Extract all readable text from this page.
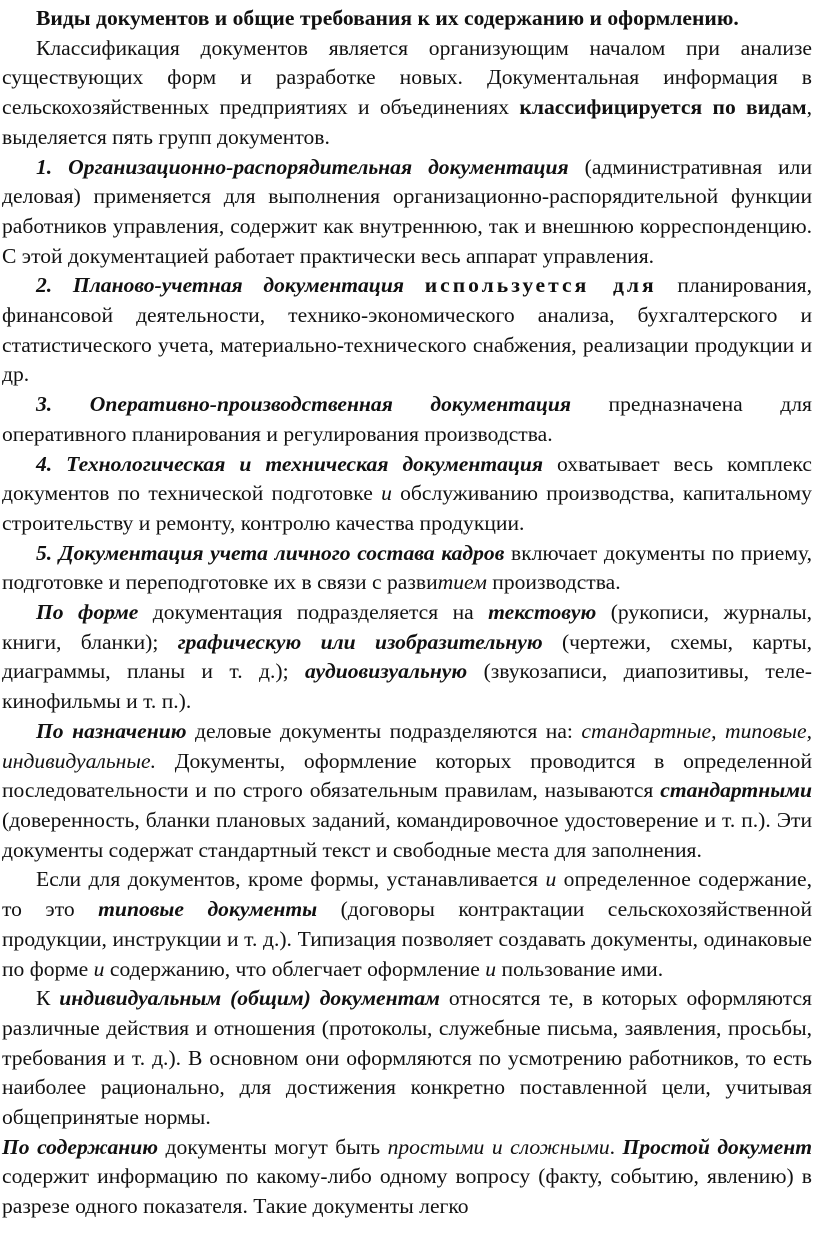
Виды документов и общие требования к их содержанию и оформлению.

Классификация документов является организующим началом при анализе существующих форм и разработке новых. Документальная информация в сельскохозяйственных предприятиях и объединениях классифицируется по видам, выделяется пять групп документов.

1. Организационно-распорядительная документация (административная или деловая) применяется для выполнения организационно-распорядительной функции работников управления, содержит как внутреннюю, так и внешнюю корреспонденцию. С этой документацией работает практически весь аппарат управления.

2. Планово-учетная документация используется для планирования, финансовой деятельности, технико-экономического анализа, бухгалтерского и статистического учета, материально-технического снабжения, реализации продукции и др.

3. Оперативно-производственная документация предназначена для оперативного планирования и регулирования производства.

4. Технологическая и техническая документация охватывает весь комплекс документов по технической подготовке и обслуживанию производства, капитальному строительству и ремонту, контролю качества продукции.

5. Документация учета личного состава кадров включает документы по приему, подготовке и переподготовке их в связи с развитием производства.

По форме документация подразделяется на текстовую (рукописи, журналы, книги, бланки); графическую или изобразительную (чертежи, схемы, карты, диаграммы, планы и т. д.); аудиовизуальную (звукозаписи, диапозитивы, теле-кинофильмы и т. п.).

По назначению деловые документы подразделяются на: стандартные, типовые, индивидуальные. Документы, оформление которых проводится в определенной последовательности и по строго обязательным правилам, называются стандартными (доверенность, бланки плановых заданий, командировочное удостоверение и т. п.). Эти документы содержат стандартный текст и свободные места для заполнения.

Если для документов, кроме формы, устанавливается и определенное содержание, то это типовые документы (договоры контрактации сельскохозяйственной продукции, инструкции и т. д.). Типизация позволяет создавать документы, одинаковые по форме и содержанию, что облегчает оформление и пользование ими.

К индивидуальным (общим) документам относятся те, в которых оформляются различные действия и отношения (протоколы, служебные письма, заявления, просьбы, требования и т. д.). В основном они оформляются по усмотрению работников, то есть наиболее рационально, для достижения конкретно поставленной цели, учитывая общепринятые нормы.

По содержанию документы могут быть простыми и сложными. Простой документ содержит информацию по какому-либо одному вопросу (факту, событию, явлению) в разрезе одного показателя. Такие документы легко
